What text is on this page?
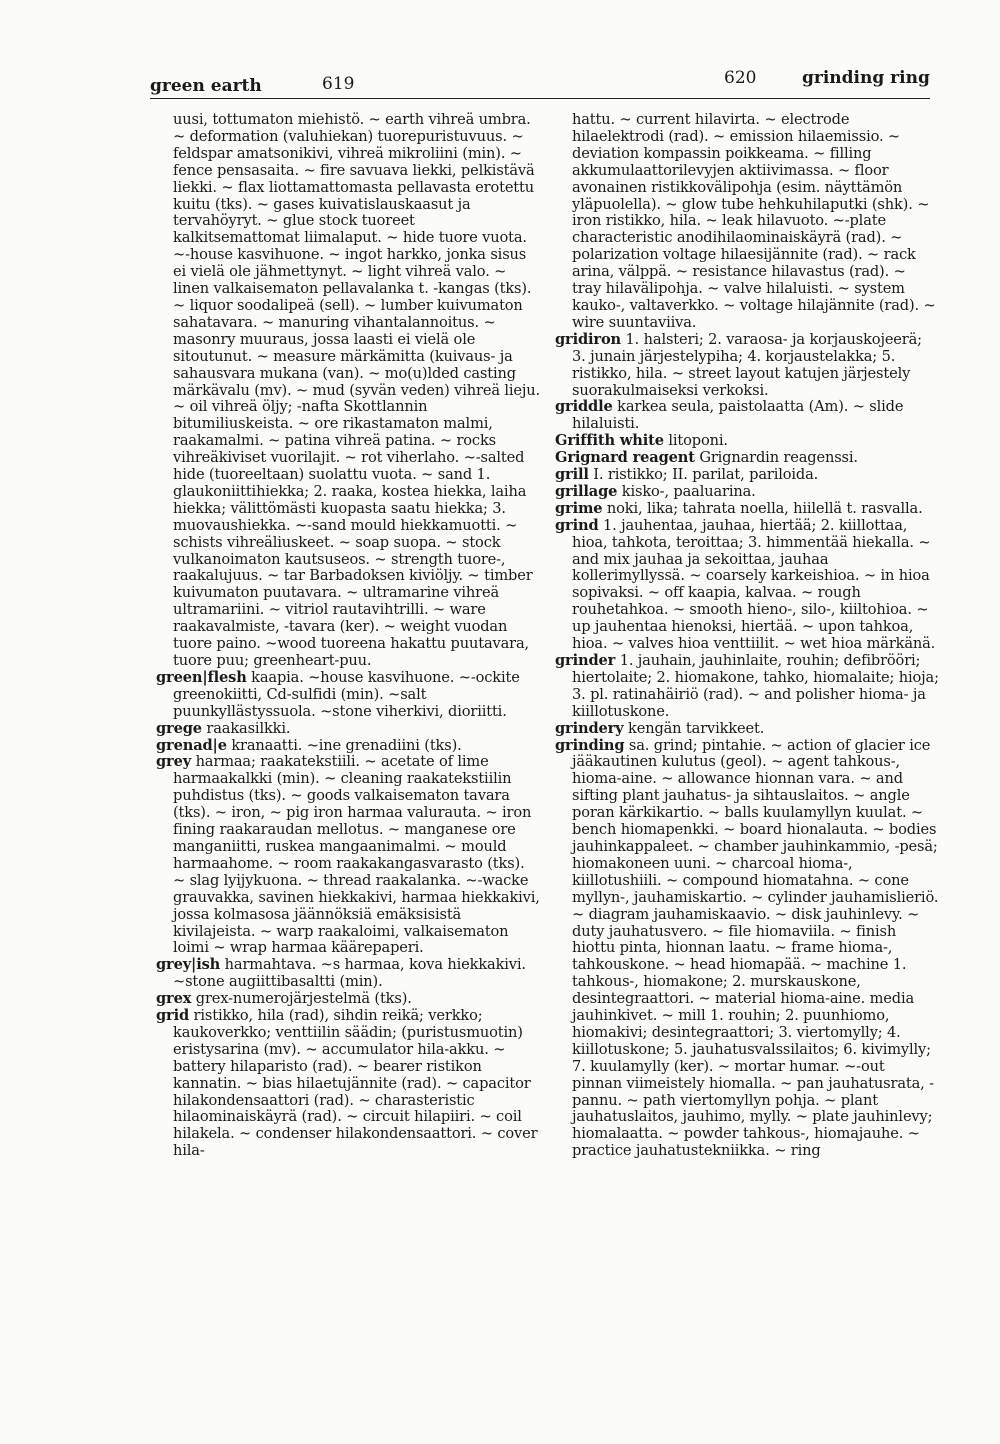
green earth	619	620	grinding ring
uusi, tottumaton miehistö. ~ earth vihreä umbra. ~ deformation (valuhiekan) tuorepuristuvuus. ~ feldspar amatsonikivi, vihreä mikroliini (min). ~ fence pensasaita. ~ fire savuava liekki, pelkistävä liekki. ~ flax liottamattomasta pellavasta erotettu kuitu (tks). ~ gases kuivatislauskaasut ja tervahöyryt. ~ glue stock tuoreet kalkitsemattomat liimalaput. ~ hide tuore vuota. ~-house kasvihuone. ~ ingot harkko, jonka sisus ei vielä ole jähmettynyt. ~ light vihreä valo. ~ linen valkaisematon pellavalanka t. -kangas (tks). ~ liquor soodalipeä (sell). ~ lumber kuivumaton sahatavara. ~ manuring vihantalannoitus. ~ masonry muuraus, jossa laasti ei vielä ole sitoutunut. ~ measure märkämitta (kuivaus- ja sahausvara mukana (van). ~ mo(u)lded casting märkävalu (mv). ~ mud (syvän veden) vihreä lieju. ~ oil vihreä öljy; -nafta Skottlannin bitumiliuskeista. ~ ore rikastamaton malmi, raakamalmi. ~ patina vihreä patina. ~ rocks vihreäkiviset vuorilajit. ~ rot viherlaho. ~-salted hide (tuoreeltaan) suolattu vuota. ~ sand 1. glaukoniittihiekka; 2. raaka, kostea hiekka, laiha hiekka; välittömästi kuopasta saatu hiekka; 3. muovaushiekka. ~-sand mould hiekkamuotti. ~ schists vihreäliuskeet. ~ soap suopa. ~ stock vulkanoimaton kautsuseos. ~ strength tuore-, raakalujuus. ~ tar Barbadoksen kiviöljy. ~ timber kuivumaton puutavara. ~ ultramarine vihreä ultramariini. ~ vitriol rautavihtrilli. ~ ware raakavalmiste, -tavara (ker). ~ weight vuodan tuore paino. ~wood tuoreena hakattu puutavara, tuore puu; greenheart-puu.
green|flesh kaapia. ~house kasvihuone. ~-ockite greenokiitti, Cd-sulfidi (min). ~salt puunkyllästyssuola. ~stone viherkivi, dioriitti.
grege raakasilkki.
grenad|e kranaatti. ~ine grenadiini (tks).
grey harmaa; raakatekstiili. ~ acetate of lime harmaakalkki (min). ~ cleaning raakatekstiilin puhdistus (tks). ~ goods valkaisematon tavara (tks). ~ iron, ~ pig iron harmaa valurauta. ~ iron fining raakaraudan mellotus. ~ manganese ore manganiitti, ruskea mangaanimalmi. ~ mould harmaahome. ~ room raakakangasvarasto (tks). ~ slag lyijykuona. ~ thread raakalanka. ~-wacke grauvakka, savinen hiekkakivi, harmaa hiekkakivi, jossa kolmasosa jäännöksiä emäksisistä kivilajeista. ~ warp raakaloimi, valkaisematon loimi ~ wrap harmaa käärepaperi.
grey|ish harmahtava. ~s harmaa, kova hiekkakivi. ~stone augiittibasaltti (min).
grex grex-numerojärjestelmä (tks).
grid ristikko, hila (rad), sihdin reikä; verkko; kaukoverkko; venttiilin säädin; (puristusmuotin) eristysarina (mv). ~ accumulator hila-akku. ~ battery hilaparisto (rad). ~ bearer ristikon kannatin. ~ bias hilaetujännite (rad). ~ capacitor hilakondensaattori (rad). ~ charasteristic hilaominaiskäyrä (rad). ~ circuit hilapiiri. ~ coil hilakela. ~ condenser hilakondensaattori. ~ cover hila-
hattu. ~ current hilavirta. ~ electrode hilaelektrodi (rad). ~ emission hilaemissio. ~ deviation kompassin poikkeama. ~ filling akkumulaattorilevyjen aktiivimassa. ~ floor avonainen ristikkovälipohja (esim. näyttämön yläpuolella). ~ glow tube hehkuhilaputki (shk). ~ iron ristikko, hila. ~ leak hilavuoto. ~-plate characteristic anodihilaominaiskäyrä (rad). ~ polarization voltage hilaesijännite (rad). ~ rack arina, välppä. ~ resistance hilavastus (rad). ~ tray hilavälipohja. ~ valve hilaluisti. ~ system kauko-, valtaverkko. ~ voltage hilajännite (rad). ~ wire suuntaviiva.
gridiron 1. halsteri; 2. varaosa- ja korjauskojeerä; 3. junain järjestelypiha; 4. korjaustelakka; 5. ristikko, hila. ~ street layout katujen järjestely suorakulmaiseksi verkoksi.
griddle karkea seula, paistolaatta (Am). ~ slide hilaluisti.
Griffith white litoponi.
Grignard reagent Grignardin reagenssi.
grill I. ristikko; II. parilat, pariloida.
grillage kisko-, paaluarina.
grime noki, lika; tahrata noella, hiilellä t. rasvalla.
grind 1. jauhentaa, jauhaa, hiertää; 2. kiillottaa, hioa, tahkota, teroittaa; 3. himmentää hiekalla. ~ and mix jauhaa ja sekoittaa, jauhaa kollerimyllyssä. ~ coarsely karkeishioa. ~ in hioa sopivaksi. ~ off kaapia, kalvaa. ~ rough rouhetahkoa. ~ smooth hieno-, silo-, kiiltohioa. ~ up jauhentaa hienoksi, hiertää. ~ upon tahkoa, hioa. ~ valves hioa venttiilit. ~ wet hioa märkänä.
grinder 1. jauhain, jauhinlaite, rouhin; defibrööri; hiertolaite; 2. hiomakone, tahko, hiomalaite; hioja; 3. pl. ratinahäiriö (rad). ~ and polisher hioma- ja kiillotuskone.
grindery kengän tarvikkeet.
grinding sa. grind; pintahie. ~ action of glacier ice jääkautinen kulutus (geol). ~ agent tahkous-, hioma-aine. ~ allowance hionnan vara. ~ and sifting plant jauhatus- ja sihtauslaitos. ~ angle poran kärkikartio. ~ balls kuulamyllyn kuulat. ~ bench hiomapenkki. ~ board hionalauta. ~ bodies jauhinkappaleet. ~ chamber jauhinkammio, -pesä; hiomakoneen uuni. ~ charcoal hioma-, kiillotushiili. ~ compound hiomatahna. ~ cone myllyn-, jauhamiskartio. ~ cylinder jauhamislieriö. ~ diagram jauhamiskaavio. ~ disk jauhinlevy. ~ duty jauhatusvero. ~ file hiomaviila. ~ finish hiottu pinta, hionnan laatu. ~ frame hioma-, tahkouskone. ~ head hiomapää. ~ machine 1. tahkous-, hiomakone; 2. murskauskone, desintegraattori. ~ material hioma-aine. media jauhinkivet. ~ mill 1. rouhin; 2. puunhiomo, hiomakivi; desintegraattori; 3. viertomylly; 4. kiillotuskone; 5. jauhatusvalssilaitos; 6. kivimylly; 7. kuulamylly (ker). ~ mortar humar. ~-out pinnan viimeistely hiomalla. ~ pan jauhatusrata, -pannu. ~ path viertomyllyn pohja. ~ plant jauhatuslaitos, jauhimo, mylly. ~ plate jauhinlevy; hiomalaatta. ~ powder tahkous-, hiomajauhe. ~ practice jauhatustekniikka. ~ ring
